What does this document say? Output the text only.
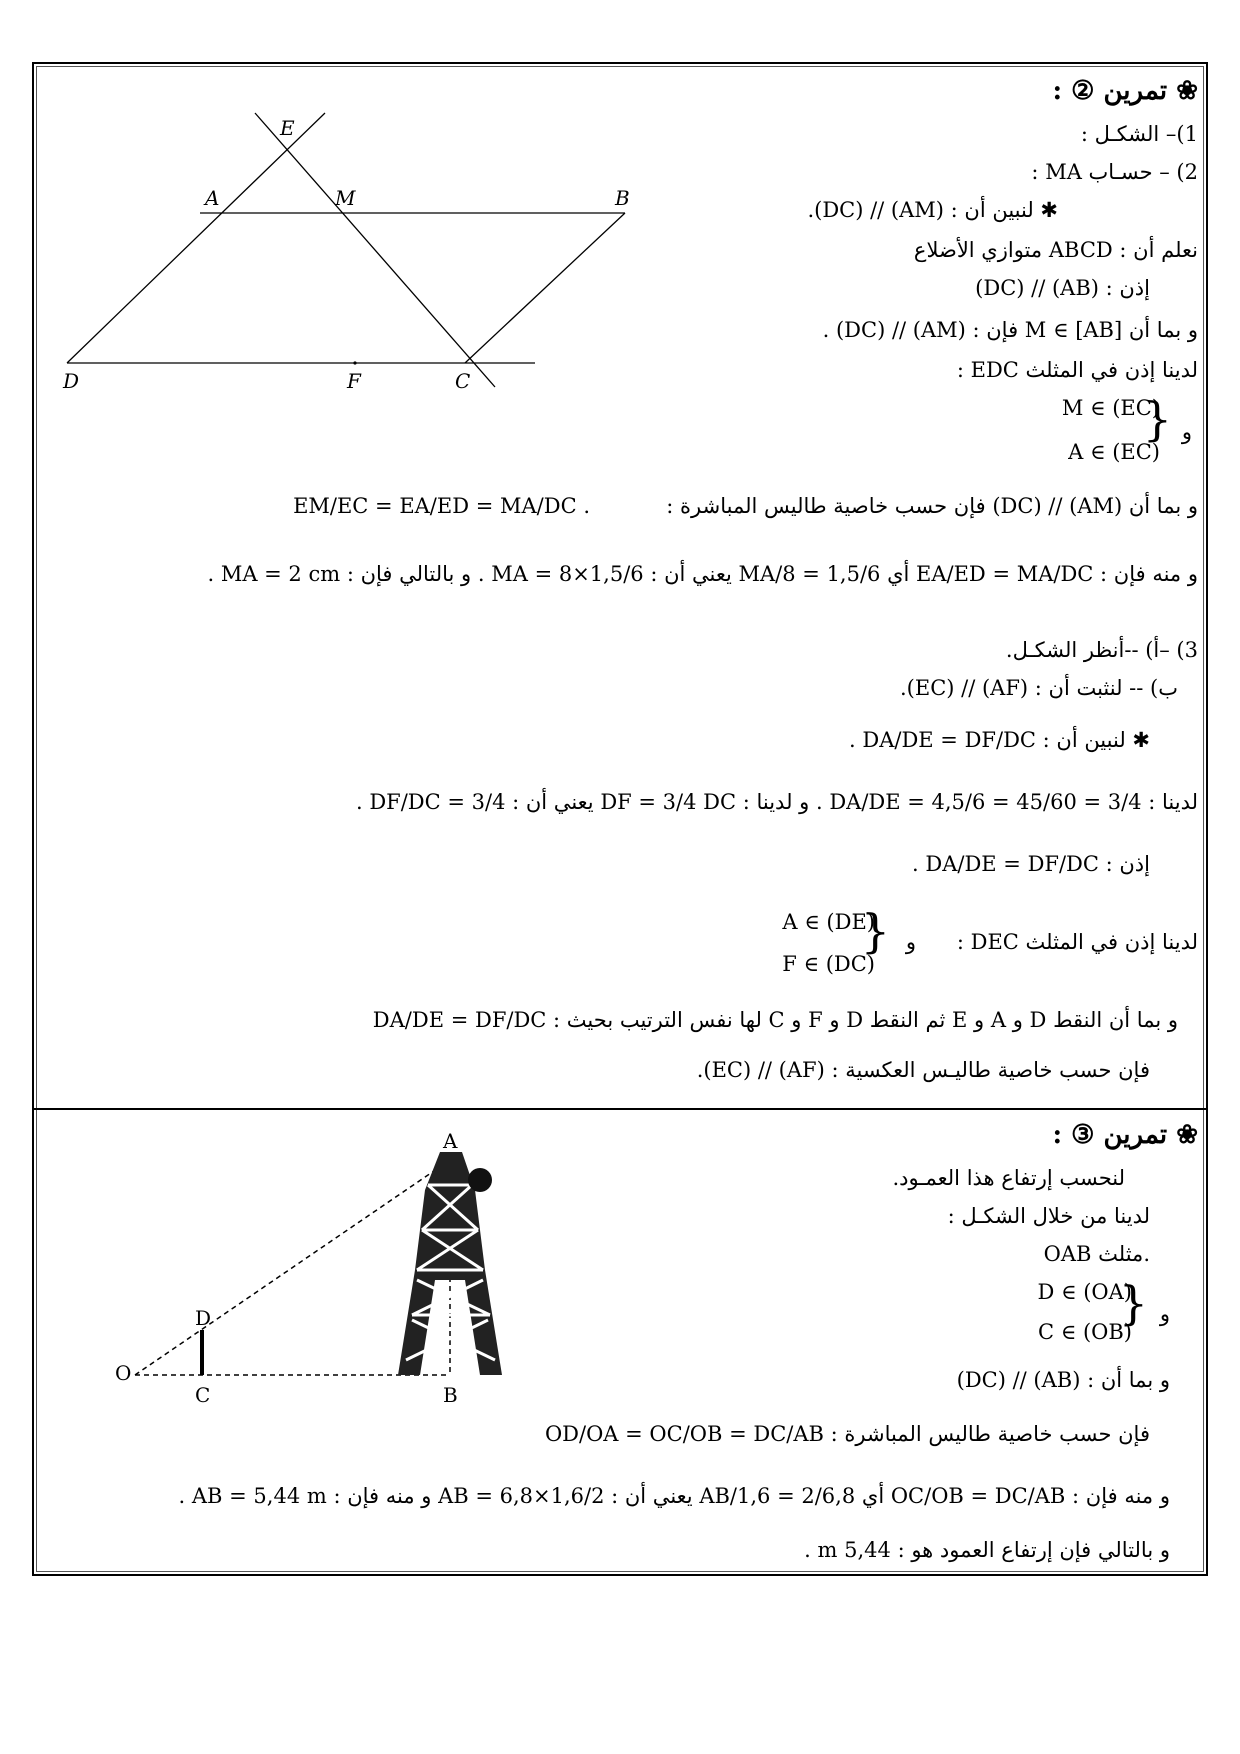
E
A	M	B
D	F	C
❀ تمرين ② :
1)– الشكـل :
2) – حسـاب MA :
✱ لنبين أن : (AM) // (DC).
نعلم أن : ABCD متوازي الأضلاع
إذن : (AB) // (DC)
و بما أن M ∈ [AB] فإن : (AM) // (DC) .
لدينا إذن في المثلث EDC :
M ∈ (EC)
A ∈ (EC)
} و
و بما أن (AM) // (DC) فإن حسب خاصية طاليس المباشرة :
EM/EC = EA/ED = MA/DC .
و منه فإن : EA/ED = MA/DC أي 1,5/6 = MA/8 يعني أن : MA = 8×1,5/6 . و بالتالي فإن : MA = 2 cm .
3) –أ) --أنظر الشكـل.
ب) -- لنثبت أن : (AF) // (EC).
✱ لنبين أن : DA/DE = DF/DC .
لدينا : DA/DE = 4,5/6 = 45/60 = 3/4 . و لدينا : DF = 3/4 DC يعني أن : DF/DC = 3/4 .
إذن : DA/DE = DF/DC .
لدينا إذن في المثلث DEC :
A ∈ (DE)
F ∈ (DC)
} و
و بما أن النقط D و A و E ثم النقط D و F و C لها نفس الترتيب بحيث : DA/DE = DF/DC
فإن حسب خاصية طاليـس العكسية : (AF) // (EC).
A
B
C
D
O
❀ تمرين ③ :
لنحسب إرتفاع هذا العمـود.
لدينا من خلال الشكـل :
OAB مثلث.
D ∈ (OA)
C ∈ (OB)
} و
و بما أن : (AB) // (DC)
فإن حسب خاصية طاليس المباشرة : OD/OA = OC/OB = DC/AB
و منه فإن : OC/OB = DC/AB أي 2/6,8 = 1,6/AB يعني أن : AB = 6,8×1,6/2 و منه فإن : AB = 5,44 m .
و بالتالي فإن إرتفاع العمود هو : 5,44 m .
